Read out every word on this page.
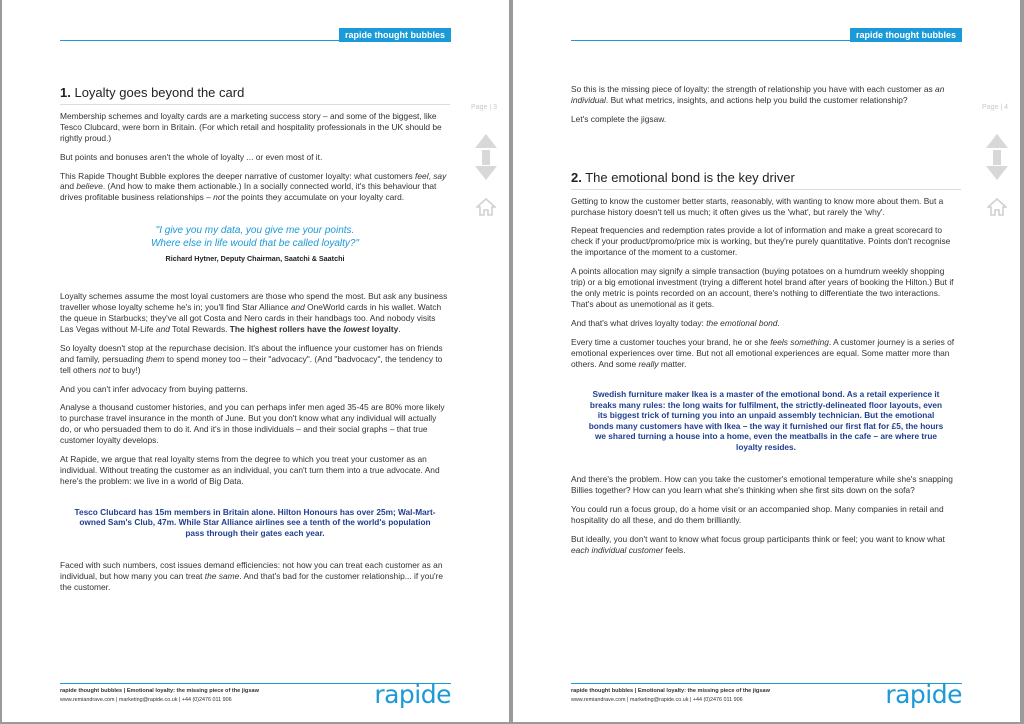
rapide thought bubbles
1. Loyalty goes beyond the card

Membership schemes and loyalty cards are a marketing success story – and some of the biggest, like Tesco Clubcard, were born in Britain. (For which retail and hospitality professionals in the UK should be rightly proud.)

But points and bonuses aren't the whole of loyalty ... or even most of it.

This Rapide Thought Bubble explores the deeper narrative of customer loyalty: what customers feel, say and believe. (And how to make them actionable.) In a socially connected world, it's this behaviour that drives profitable business relationships – not the points they accumulate on your loyalty card.

"I give you my data, you give me your points.
Where else in life would that be called loyalty?"
Richard Hytner, Deputy Chairman, Saatchi & Saatchi

Loyalty schemes assume the most loyal customers are those who spend the most. But ask any business traveller whose loyalty scheme he's in; you'll find Star Alliance and OneWorld cards in his wallet. Watch the queue in Starbucks; they've all got Costa and Nero cards in their handbags too. And nobody visits Las Vegas without M-Life and Total Rewards. The highest rollers have the lowest loyalty.

So loyalty doesn't stop at the repurchase decision. It's about the influence your customer has on friends and family, persuading them to spend money too – their "advocacy". (And "badvocacy", the tendency to tell others not to buy!)

And you can't infer advocacy from buying patterns.

Analyse a thousand customer histories, and you can perhaps infer men aged 35-45 are 80% more likely to purchase travel insurance in the month of June. But you don't know what any individual will actually do, or who persuaded them to do it. And it's in those individuals – and their social graphs – that true customer loyalty develops.

At Rapide, we argue that real loyalty stems from the degree to which you treat your customer as an individual. Without treating the customer as an individual, you can't turn them into a true advocate. And here's the problem: we live in a world of Big Data.

Tesco Clubcard has 15m members in Britain alone. Hilton Honours has over 25m; Wal-Mart-owned Sam's Club, 47m. While Star Alliance airlines see a tenth of the world's population pass through their gates each year.

Faced with such numbers, cost issues demand efficiencies: not how you can treat each customer as an individual, but how many you can treat the same. And that's bad for the customer relationship... if you're the customer.

Page | 3
rapide thought bubbles | Emotional loyalty: the missing piece of the jigsaw
www.remiandrave.com | marketing@rapide.co.uk | +44 (0)2476 011 906	rapide
rapide thought bubbles

So this is the missing piece of loyalty: the strength of relationship you have with each customer as an individual. But what metrics, insights, and actions help you build the customer relationship?

Let's complete the jigsaw.

2. The emotional bond is the key driver

Getting to know the customer better starts, reasonably, with wanting to know more about them. But a purchase history doesn't tell us much; it often gives us the 'what', but rarely the 'why'.

Repeat frequencies and redemption rates provide a lot of information and make a great scorecard to check if your product/promo/price mix is working, but they're purely quantitative. Points don't recognise the importance of the moment to a customer.

A points allocation may signify a simple transaction (buying potatoes on a humdrum weekly shopping trip) or a big emotional investment (trying a different hotel brand after years of booking the Hilton.) But if the only metric is points recorded on an account, there's nothing to differentiate the two interactions. That's about as unemotional as it gets.

And that's what drives loyalty today: the emotional bond.

Every time a customer touches your brand, he or she feels something. A customer journey is a series of emotional experiences over time. But not all emotional experiences are equal. Some matter more than others. And some really matter.

Swedish furniture maker Ikea is a master of the emotional bond. As a retail experience it breaks many rules: the long waits for fulfilment, the strictly-delineated floor layouts, even its biggest trick of turning you into an unpaid assembly technician. But the emotional bonds many customers have with Ikea – the way it furnished our first flat for £5, the hours we shared turning a house into a home, even the meatballs in the cafe – are where true loyalty resides.

And there's the problem. How can you take the customer's emotional temperature while she's snapping Billies together? How can you learn what she's thinking when she first sits down on the sofa?

You could run a focus group, do a home visit or an accompanied shop. Many companies in retail and hospitality do all these, and do them brilliantly.

But ideally, you don't want to know what focus group participants think or feel; you want to know what each individual customer feels.

Page | 4
rapide thought bubbles | Emotional loyalty: the missing piece of the jigsaw
www.remiandrave.com | marketing@rapide.co.uk | +44 (0)2476 011 906	rapide
